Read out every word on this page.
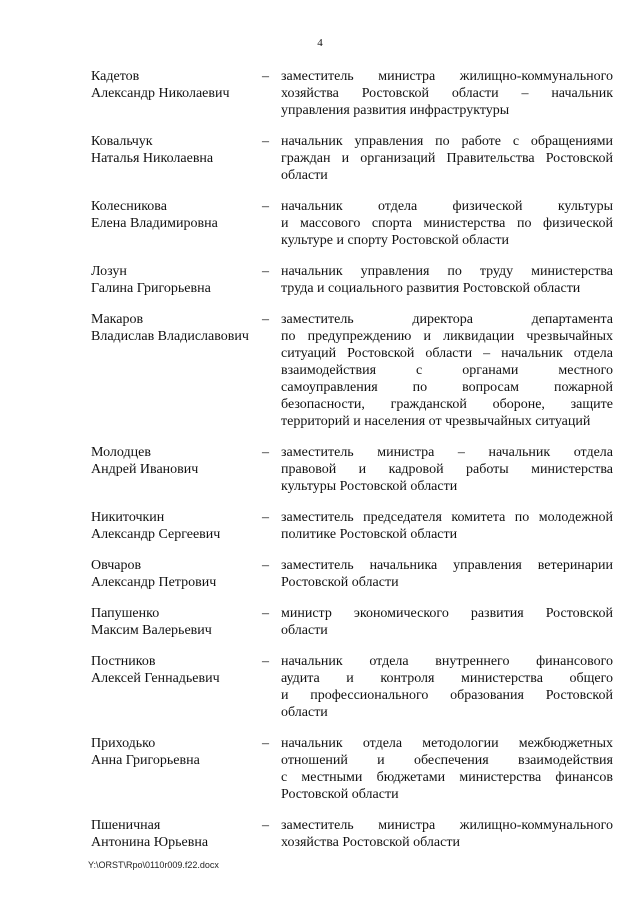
4
Кадетов
Александр Николаевич
– заместитель министра жилищно-коммунального
хозяйства Ростовской области – начальник
управления развития инфраструктуры
Ковальчук
Наталья Николаевна
– начальник управления по работе с обращениями
граждан и организаций Правительства Ростовской
области
Колесникова
Елена Владимировна
– начальник отдела физической культуры
и массового спорта министерства по физической
культуре и спорту Ростовской области
Лозун
Галина Григорьевна
– начальник управления по труду министерства
труда и социального развития Ростовской области
Макаров
Владислав Владиславович
– заместитель директора департамента
по предупреждению и ликвидации чрезвычайных
ситуаций Ростовской области – начальник отдела
взаимодействия с органами местного
самоуправления по вопросам пожарной
безопасности, гражданской обороне, защите
территорий и населения от чрезвычайных ситуаций
Молодцев
Андрей Иванович
– заместитель министра – начальник отдела
правовой и кадровой работы министерства
культуры Ростовской области
Никиточкин
Александр Сергеевич
– заместитель председателя комитета по молодежной
политике Ростовской области
Овчаров
Александр Петрович
– заместитель начальника управления ветеринарии
Ростовской области
Папушенко
Максим Валерьевич
– министр экономического развития Ростовской
области
Постников
Алексей Геннадьевич
– начальник отдела внутреннего финансового
аудита и контроля министерства общего
и профессионального образования Ростовской
области
Приходько
Анна Григорьевна
– начальник отдела методологии межбюджетных
отношений и обеспечения взаимодействия
с местными бюджетами министерства финансов
Ростовской области
Пшеничная
Антонина Юрьевна
– заместитель министра жилищно-коммунального
хозяйства Ростовской области
Y:\ORST\Rpo\0110r009.f22.docx
